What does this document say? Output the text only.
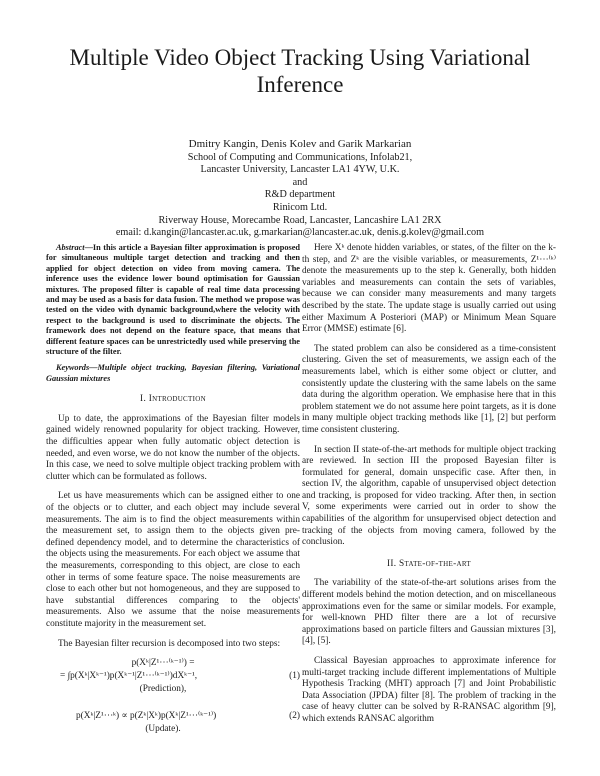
Multiple Video Object Tracking Using Variational Inference
Dmitry Kangin, Denis Kolev and Garik Markarian
School of Computing and Communications, Infolab21,
Lancaster University, Lancaster LA1 4YW, U.K.
and
R&D department
Rinicom Ltd.
Riverway House, Morecambe Road, Lancaster, Lancashire LA1 2RX
email: d.kangin@lancaster.ac.uk, g.markarian@lancaster.ac.uk, denis.g.kolev@gmail.com

Abstract—In this article a Bayesian filter approximation is proposed for simultaneous multiple target detection and tracking and then applied for object detection on video from moving camera. The inference uses the evidence lower bound optimisation for Gaussian mixtures. The proposed filter is capable of real time data processing and may be used as a basis for data fusion. The method we propose was tested on the video with dynamic background,where the velocity with respect to the background is used to discriminate the objects. The framework does not depend on the feature space, that means that different feature spaces can be unrestrictedly used while preserving the structure of the filter.

Keywords—Multiple object tracking, Bayesian filtering, Variational Gaussian mixtures

I. Introduction

Up to date, the approximations of the Bayesian filter models gained widely renowned popularity for object tracking. However, the difficulties appear when fully automatic object detection is needed, and even worse, we do not know the number of the objects. In this case, we need to solve multiple object tracking problem with clutter which can be formulated as follows.

Let us have measurements which can be assigned either to one of the objects or to clutter, and each object may include several measurements. The aim is to find the object measurements within the measurement set, to assign them to the objects given pre-defined dependency model, and to determine the characteristics of the objects using the measurements. For each object we assume that the measurements, corresponding to this object, are close to each other in terms of some feature space. The noise measurements are close to each other but not homogeneous, and they are supposed to have substantial differences comparing to the objects' measurements. Also we assume that the noise measurements constitute majority in the measurement set.

The Bayesian filter recursion is decomposed into two steps:

p(Xᵏ|Z¹⋯⁽ᵏ⁻¹⁾) =
= ∫p(Xᵏ|Xᵏ⁻¹)p(Xᵏ⁻¹|Z¹⋯⁽ᵏ⁻¹⁾)dXᵏ⁻¹,	(1)
(Prediction),
p(Xᵏ|Z¹⋯ᵏ) ∝ p(Zᵏ|Xᵏ)p(Xᵏ|Z¹⋯⁽ᵏ⁻¹⁾)	(2)
(Update).

Here Xᵏ denote hidden variables, or states, of the filter on the k-th step, and Zᵏ are the visible variables, or measurements, Z¹⋯⁽ᵏ⁾ denote the measurements up to the step k. Generally, both hidden variables and measurements can contain the sets of variables, because we can consider many measurements and many targets described by the state. The update stage is usually carried out using either Maximum A Posteriori (MAP) or Minimum Mean Square Error (MMSE) estimate [6].

The stated problem can also be considered as a time-consistent clustering. Given the set of measurements, we assign each of the measurements label, which is either some object or clutter, and consistently update the clustering with the same labels on the same data during the algorithm operation. We emphasise here that in this problem statement we do not assume here point targets, as it is done in many multiple object tracking methods like [1], [2] but perform time consistent clustering.

In section II state-of-the-art methods for multiple object tracking are reviewed. In section III the proposed Bayesian filter is formulated for general, domain unspecific case. After then, in section IV, the algorithm, capable of unsupervised object detection and tracking, is proposed for video tracking. After then, in section V, some experiments were carried out in order to show the capabilities of the algorithm for unsupervised object detection and tracking of the objects from moving camera, followed by the conclusion.

II. State-of-the-art

The variability of the state-of-the-art solutions arises from the different models behind the motion detection, and on miscellaneous approximations even for the same or similar models. For example, for well-known PHD filter there are a lot of recursive approximations based on particle filters and Gaussian mixtures [3], [4], [5].

Classical Bayesian approaches to approximate inference for multi-target tracking include different implementations of Multiple Hypothesis Tracking (MHT) approach [7] and Joint Probabilistic Data Association (JPDA) filter [8]. The problem of tracking in the case of heavy clutter can be solved by R-RANSAC algorithm [9], which extends RANSAC algorithm
